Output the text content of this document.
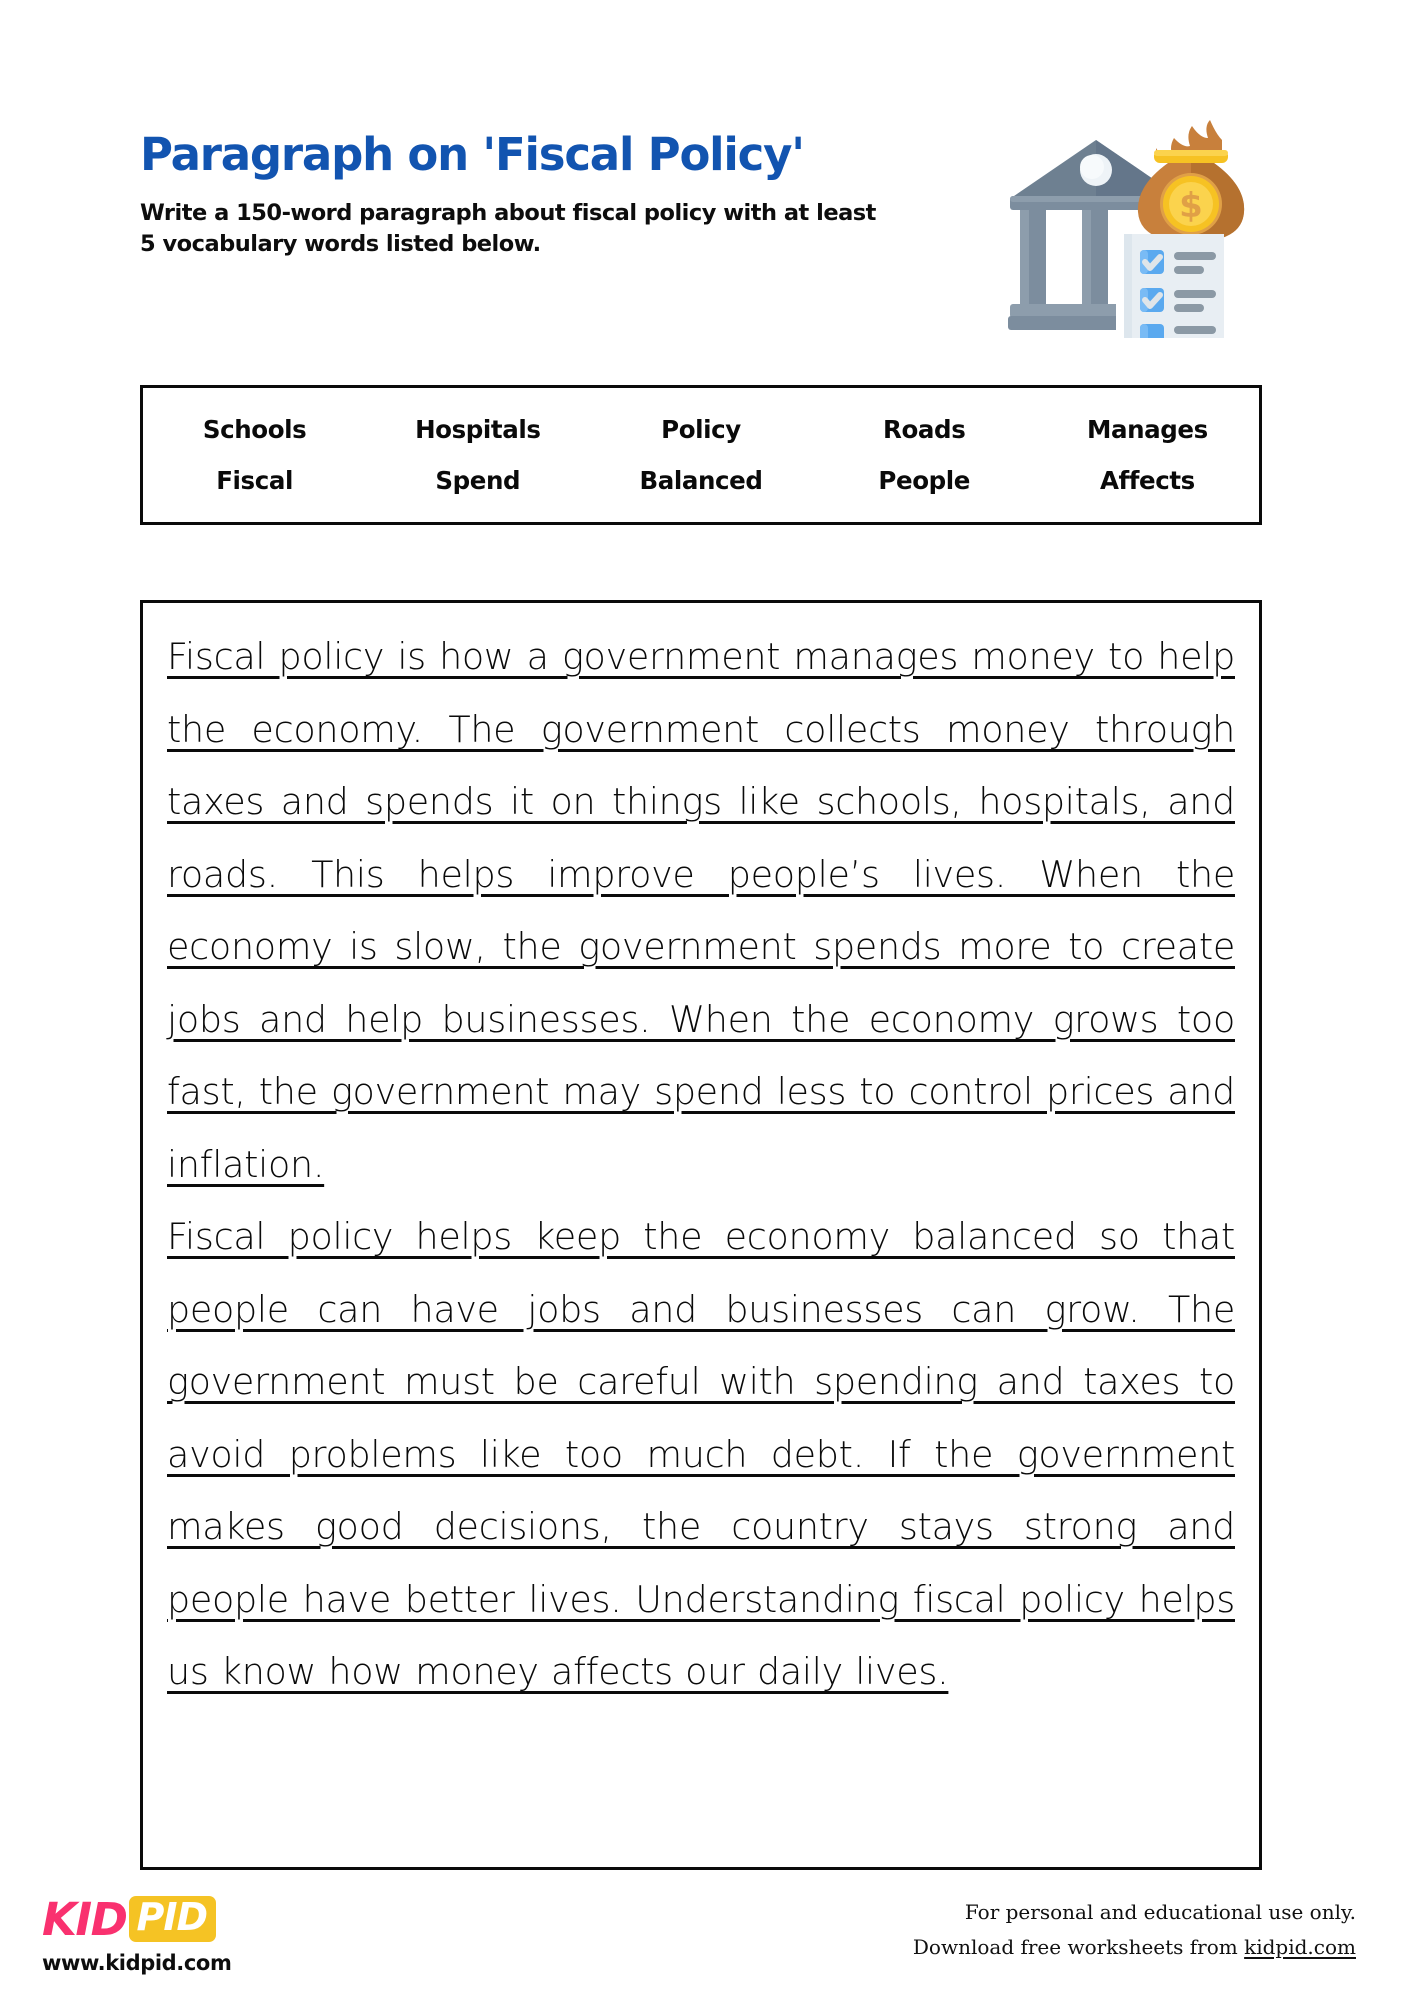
Paragraph on 'Fiscal Policy'
Write a 150-word paragraph about fiscal policy with at least 5 vocabulary words listed below.
$
Schools	Hospitals	Policy	Roads	Manages
Fiscal	Spend	Balanced	People	Affects
Fiscal policy is how a government manages money to help the economy. The government collects money through taxes and spends it on things like schools, hospitals, and roads. This helps improve people’s lives. When the economy is slow, the government spends more to create jobs and help businesses. When the economy grows too fast, the government may spend less to control prices and inflation.
Fiscal policy helps keep the economy balanced so that people can have jobs and businesses can grow. The government must be careful with spending and taxes to avoid problems like too much debt. If the government makes good decisions, the country stays strong and people have better lives. Understanding fiscal policy helps us know how money affects our daily lives.
KID PID
www.kidpid.com
For personal and educational use only.
Download free worksheets from kidpid.com
